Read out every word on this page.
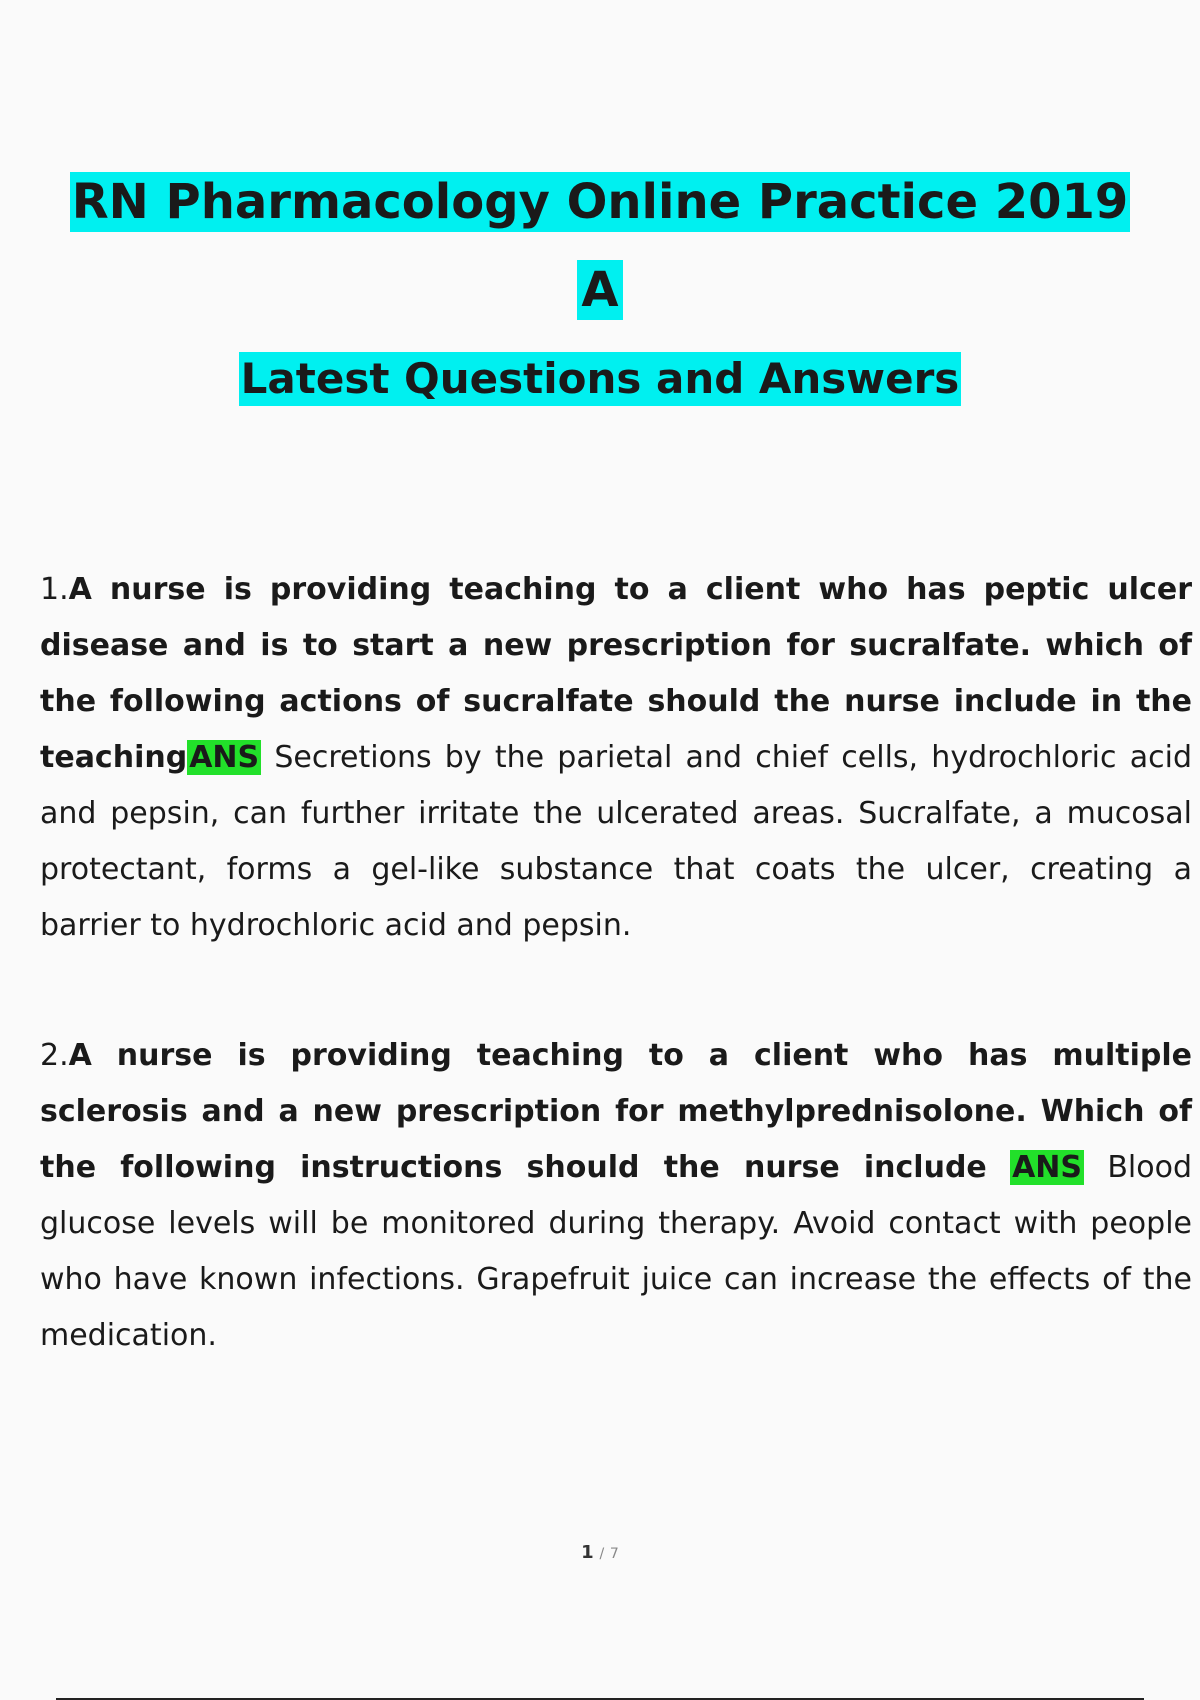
RN Pharmacology Online Practice 2019
A
Latest Questions and Answers
1.A nurse is providing teaching to a client who has peptic ulcer disease and is to start a new prescription for sucralfate. which of the following actions of sucralfate should the nurse include in the teachingANS Secretions by the parietal and chief cells, hydrochloric acid and pepsin, can further irritate the ulcerated areas. Sucralfate, a mucosal protectant, forms a gel-like substance that coats the ulcer, creating a barrier to hydrochloric acid and pepsin.
2.A nurse is providing teaching to a client who has multiple sclerosis and a new prescription for methylprednisolone. Which of the following instructions should the nurse include ANS Blood glucose levels will be monitored during therapy. Avoid contact with people who have known infections. Grapefruit juice can increase the effects of the medication.
1 / 7
